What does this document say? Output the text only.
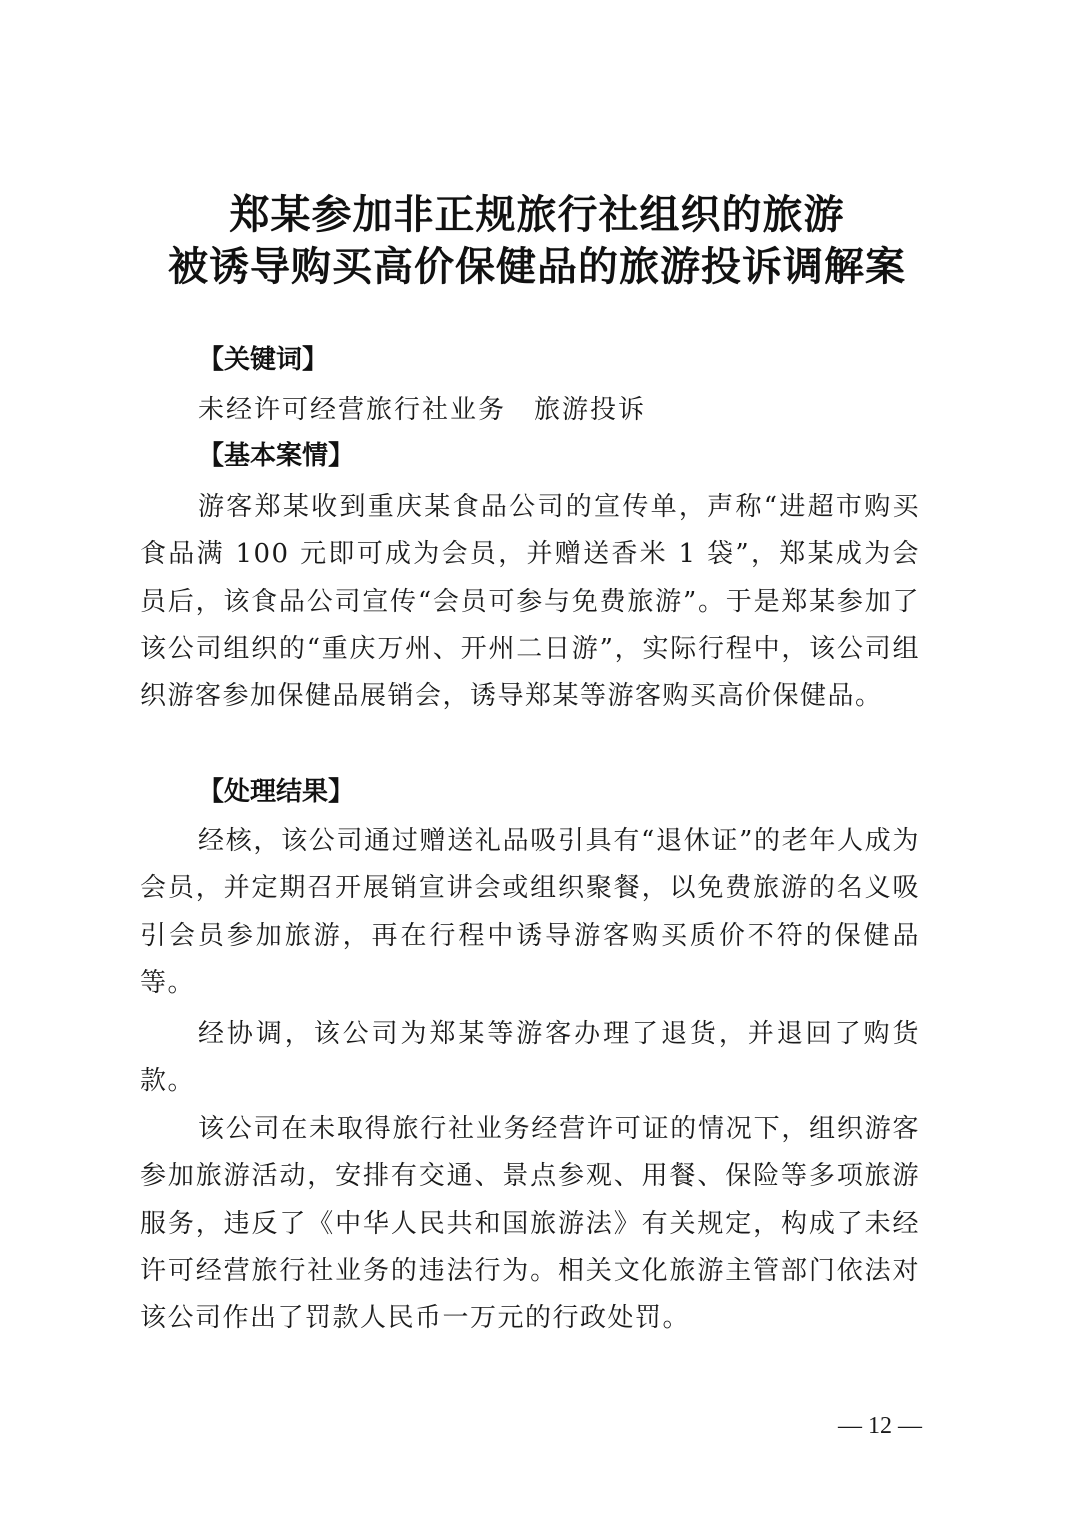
郑某参加非正规旅行社组织的旅游
被诱导购买高价保健品的旅游投诉调解案
【关键词】
未经许可经营旅行社业务　旅游投诉
【基本案情】

游客郑某收到重庆某食品公司的宣传单，声称“进超市购买食品满 100 元即可成为会员，并赠送香米 1 袋”，郑某成为会员后，该食品公司宣传“会员可参与免费旅游”。于是郑某参加了该公司组织的“重庆万州、开州二日游”，实际行程中，该公司组织游客参加保健品展销会，诱导郑某等游客购买高价保健品。

【处理结果】

经核，该公司通过赠送礼品吸引具有“退休证”的老年人成为会员，并定期召开展销宣讲会或组织聚餐，以免费旅游的名义吸引会员参加旅游，再在行程中诱导游客购买质价不符的保健品等。

经协调，该公司为郑某等游客办理了退货，并退回了购货款。

该公司在未取得旅行社业务经营许可证的情况下，组织游客参加旅游活动，安排有交通、景点参观、用餐、保险等多项旅游服务，违反了《中华人民共和国旅游法》有关规定，构成了未经许可经营旅行社业务的违法行为。相关文化旅游主管部门依法对该公司作出了罚款人民币一万元的行政处罚。

— 12 —
